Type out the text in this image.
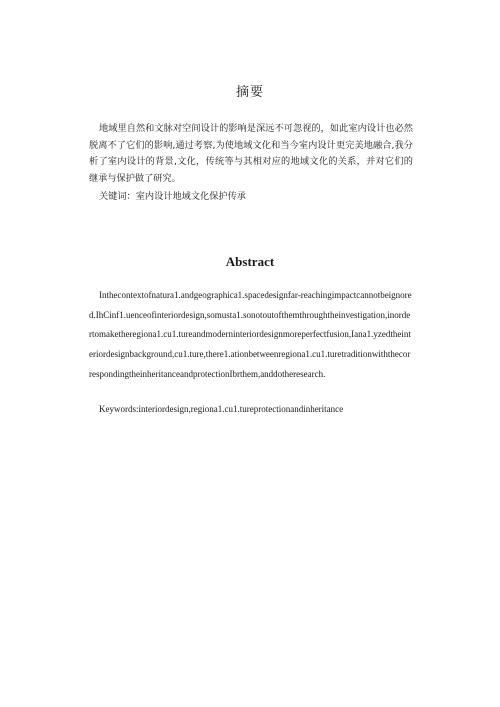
摘要

地域里自然和文脉对空间设计的影响是深远不可忽视的，如此室内设计也必然脱离不了它们的影响,通过考察,为使地域文化和当今室内设计更完美地融合,我分析了室内设计的背景,文化，传统等与其相对应的地域文化的关系，并对它们的继承与保护做了研究。

关键词：室内设计地域文化保护传承

Abstract

Inthecontextofnatura1.andgeographica1.spacedesignfar-reachingimpactcannotbeignored.IhCinf1.uenceofinteriordesign,somusta1.sonotoutofthemthroughtheinvestigation,inordertomaketheregiona1.cu1.tureandmoderninteriordesignmoreperfectfusion,Iana1.yzedtheinteriordesignbackground,cu1.ture,there1.ationbetweenregiona1.cu1.turetraditionwiththecorrespondingtheinheritanceandprotectionIbrthem,anddotheresearch.

Keywords:interiordesign,regiona1.cu1.tureprotectionandinheritance
